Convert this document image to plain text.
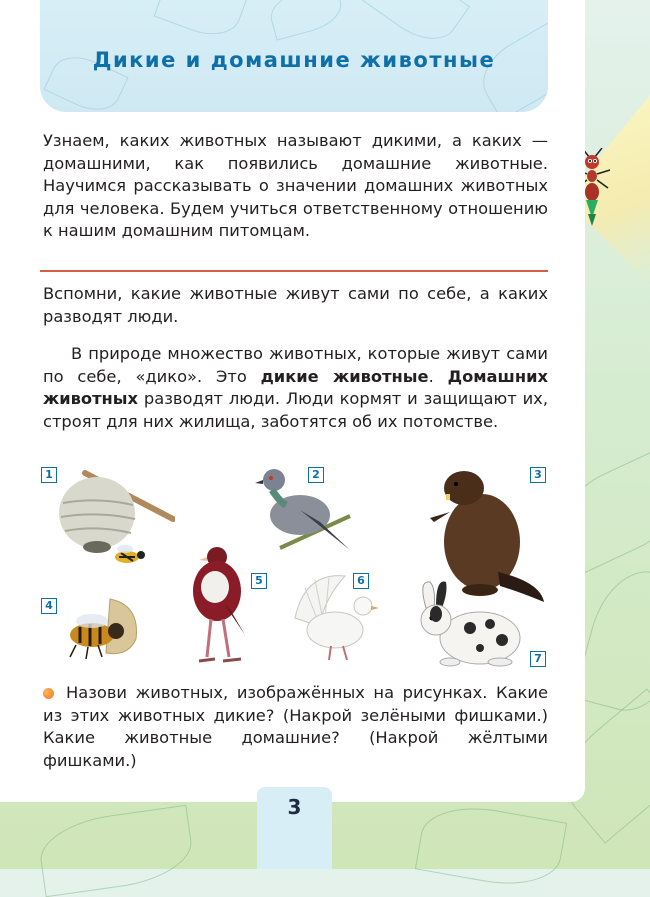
Дикие и домашние животные

Узнаем, каких животных называют дикими, а каких — домашними, как появились домашние животные. Научимся рассказывать о значении домашних животных для человека. Будем учиться ответственному отношению к нашим домашним питомцам.

Вспомни, какие животные живут сами по себе, а каких разводят люди.

В природе множество животных, которые живут сами по себе, «дико». Это дикие животные. Домашних животных разводят люди. Люди кормят и защищают их, строят для них жилища, заботятся об их потомстве.

1	2	3
4
5	6
7

Назови животных, изображённых на рисунках. Какие из этих животных дикие? (Накрой зелёными фишками.) Какие животные домашние? (Накрой жёлтыми фишками.)

3
